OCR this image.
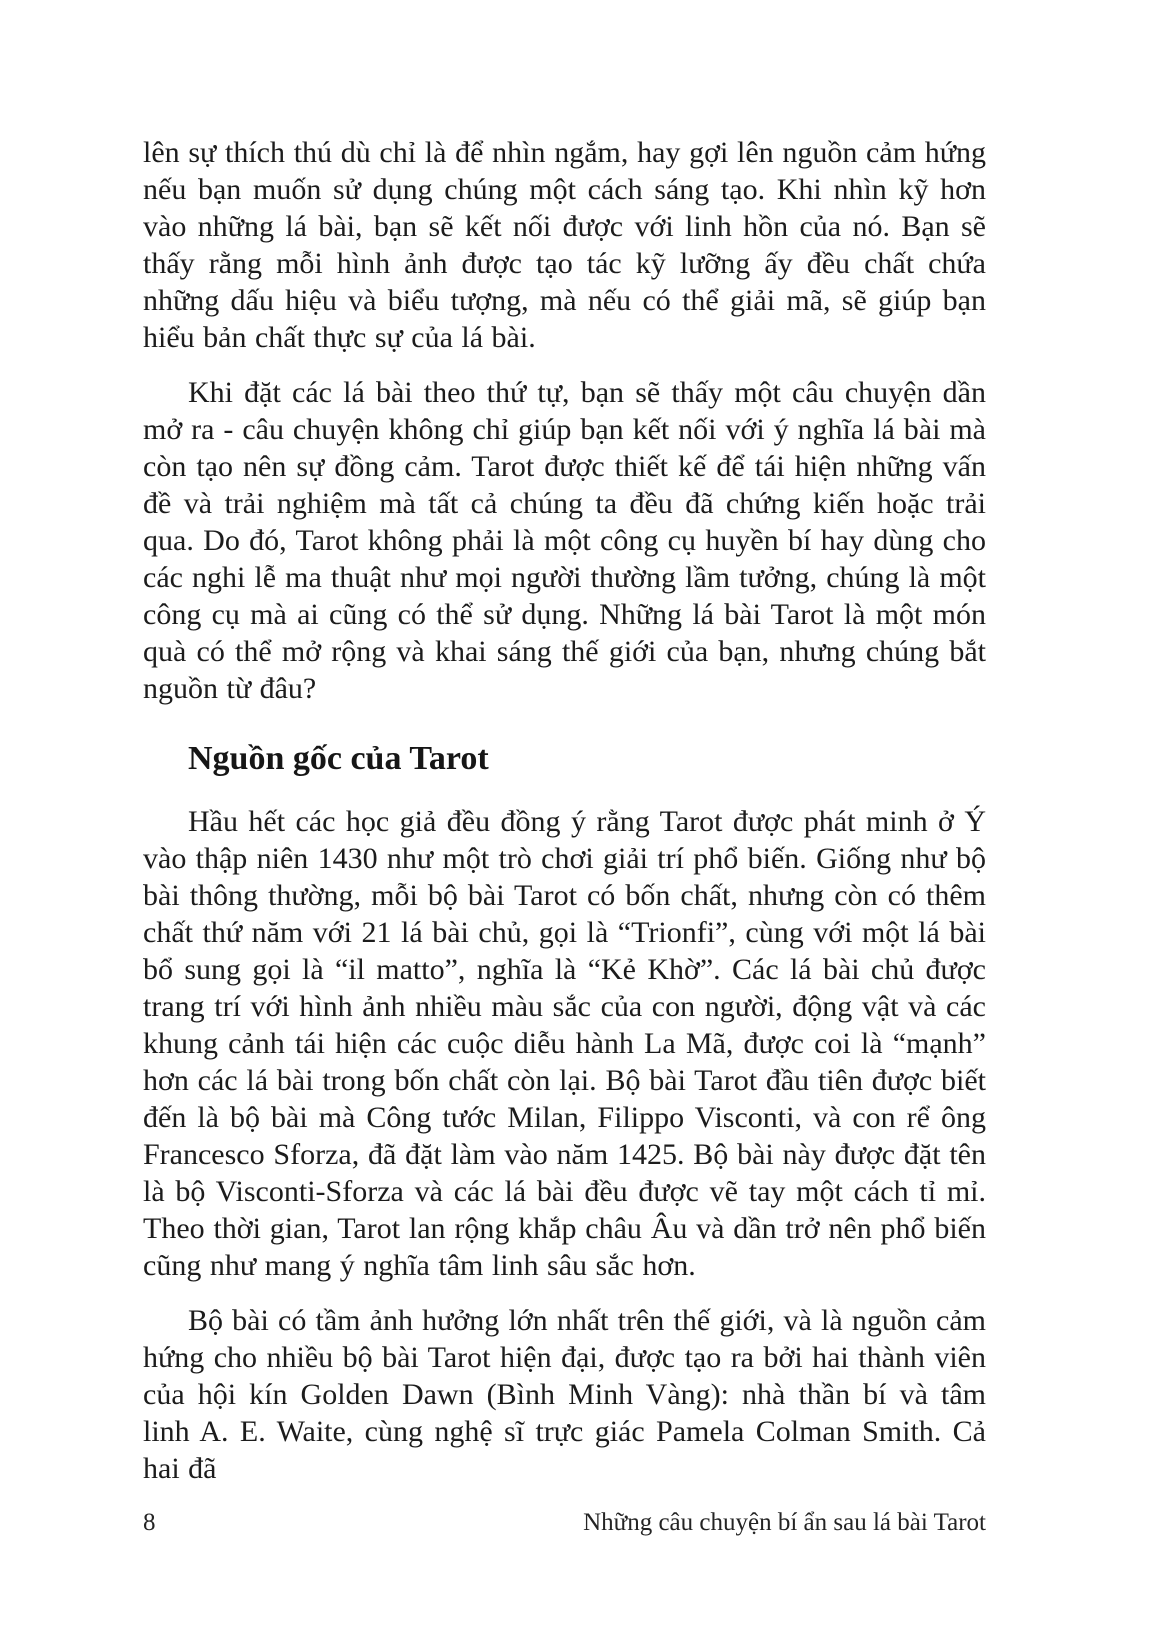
lên sự thích thú dù chỉ là để nhìn ngắm, hay gợi lên nguồn cảm hứng nếu bạn muốn sử dụng chúng một cách sáng tạo. Khi nhìn kỹ hơn vào những lá bài, bạn sẽ kết nối được với linh hồn của nó. Bạn sẽ thấy rằng mỗi hình ảnh được tạo tác kỹ lưỡng ấy đều chất chứa những dấu hiệu và biểu tượng, mà nếu có thể giải mã, sẽ giúp bạn hiểu bản chất thực sự của lá bài.

Khi đặt các lá bài theo thứ tự, bạn sẽ thấy một câu chuyện dần mở ra - câu chuyện không chỉ giúp bạn kết nối với ý nghĩa lá bài mà còn tạo nên sự đồng cảm. Tarot được thiết kế để tái hiện những vấn đề và trải nghiệm mà tất cả chúng ta đều đã chứng kiến hoặc trải qua. Do đó, Tarot không phải là một công cụ huyền bí hay dùng cho các nghi lễ ma thuật như mọi người thường lầm tưởng, chúng là một công cụ mà ai cũng có thể sử dụng. Những lá bài Tarot là một món quà có thể mở rộng và khai sáng thế giới của bạn, nhưng chúng bắt nguồn từ đâu?

Nguồn gốc của Tarot

Hầu hết các học giả đều đồng ý rằng Tarot được phát minh ở Ý vào thập niên 1430 như một trò chơi giải trí phổ biến. Giống như bộ bài thông thường, mỗi bộ bài Tarot có bốn chất, nhưng còn có thêm chất thứ năm với 21 lá bài chủ, gọi là “Trionfi”, cùng với một lá bài bổ sung gọi là “il matto”, nghĩa là “Kẻ Khờ”. Các lá bài chủ được trang trí với hình ảnh nhiều màu sắc của con người, động vật và các khung cảnh tái hiện các cuộc diễu hành La Mã, được coi là “mạnh” hơn các lá bài trong bốn chất còn lại. Bộ bài Tarot đầu tiên được biết đến là bộ bài mà Công tước Milan, Filippo Visconti, và con rể ông Francesco Sforza, đã đặt làm vào năm 1425. Bộ bài này được đặt tên là bộ Visconti-Sforza và các lá bài đều được vẽ tay một cách tỉ mỉ. Theo thời gian, Tarot lan rộng khắp châu Âu và dần trở nên phổ biến cũng như mang ý nghĩa tâm linh sâu sắc hơn.

Bộ bài có tầm ảnh hưởng lớn nhất trên thế giới, và là nguồn cảm hứng cho nhiều bộ bài Tarot hiện đại, được tạo ra bởi hai thành viên của hội kín Golden Dawn (Bình Minh Vàng): nhà thần bí và tâm linh A. E. Waite, cùng nghệ sĩ trực giác Pamela Colman Smith. Cả hai đã

8	Những câu chuyện bí ẩn sau lá bài Tarot
